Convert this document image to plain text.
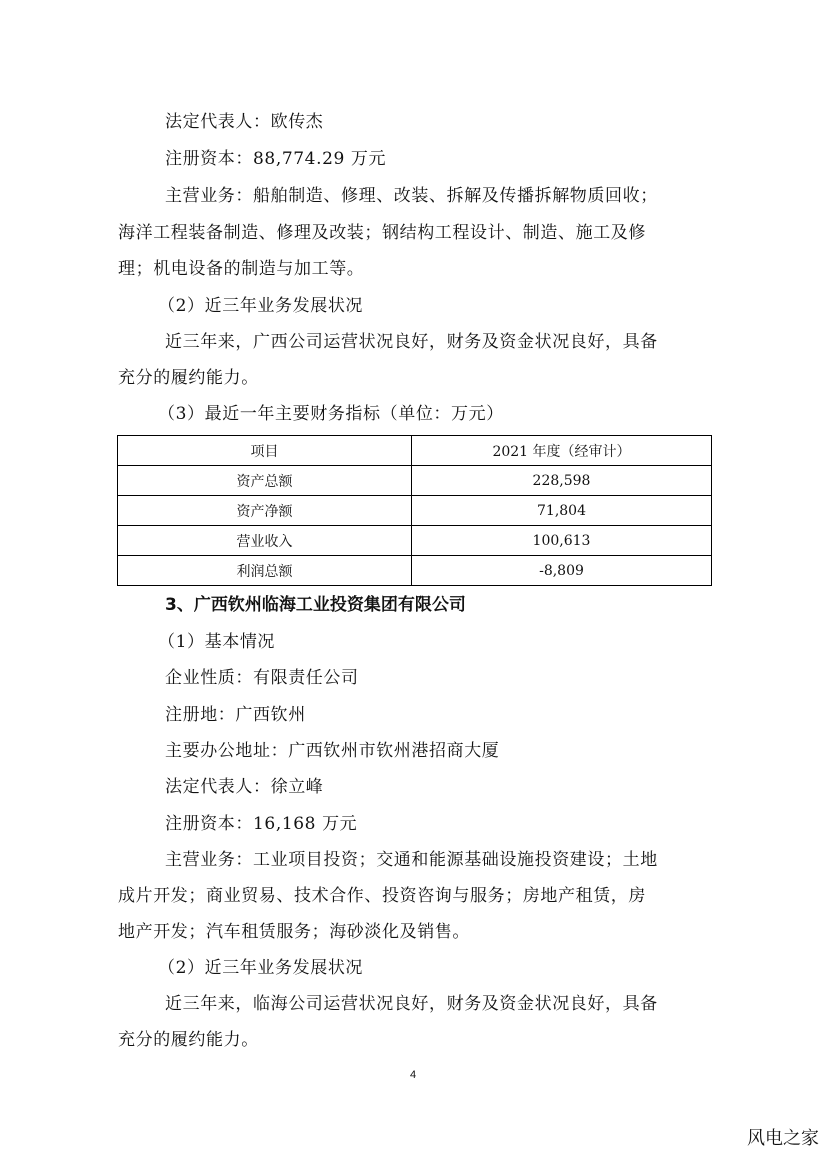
法定代表人：欧传杰
注册资本：88,774.29 万元
主营业务：船舶制造、修理、改装、拆解及传播拆解物质回收；
海洋工程装备制造、修理及改装；钢结构工程设计、制造、施工及修
理；机电设备的制造与加工等。
（2）近三年业务发展状况
近三年来，广西公司运营状况良好，财务及资金状况良好，具备
充分的履约能力。
（3）最近一年主要财务指标（单位：万元）
项目	2021 年度（经审计）
资产总额	228,598
资产净额	71,804
营业收入	100,613
利润总额	-8,809
3、广西钦州临海工业投资集团有限公司
（1）基本情况
企业性质：有限责任公司
注册地：广西钦州
主要办公地址：广西钦州市钦州港招商大厦
法定代表人：徐立峰
注册资本：16,168 万元
主营业务：工业项目投资；交通和能源基础设施投资建设；土地
成片开发；商业贸易、技术合作、投资咨询与服务；房地产租赁，房
地产开发；汽车租赁服务；海砂淡化及销售。
（2）近三年业务发展状况
近三年来，临海公司运营状况良好，财务及资金状况良好，具备
充分的履约能力。
4
风电之家
